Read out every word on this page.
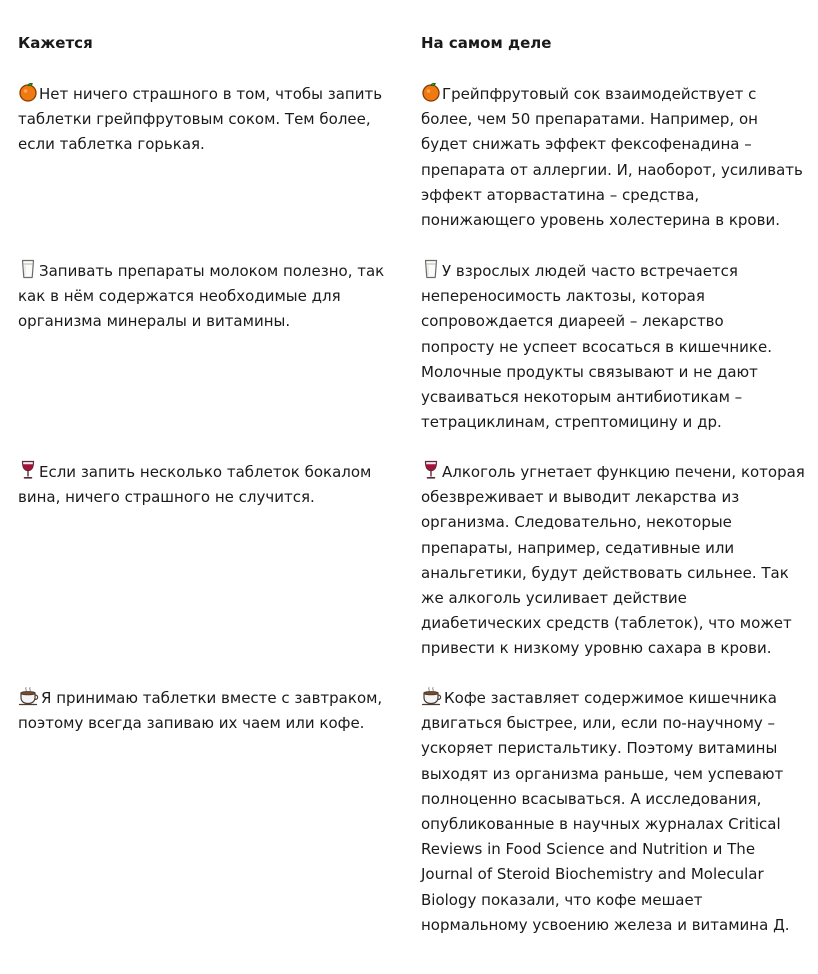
Кажется
Нет ничего страшного в том, чтобы запить
таблетки грейпфрутовым соком. Тем более,
если таблетка горькая.
Запивать препараты молоком полезно, так
как в нём содержатся необходимые для
организма минералы и витамины.
Если запить несколько таблеток бокалом
вина, ничего страшного не случится.
Я принимаю таблетки вместе с завтраком,
поэтому всегда запиваю их чаем или кофе.
На самом деле
Грейпфрутовый сок взаимодействует с
более, чем 50 препаратами. Например, он
будет снижать эффект фексофенадина –
препарата от аллергии. И, наоборот, усиливать
эффект аторвастатина – средства,
понижающего уровень холестерина в крови.
У взрослых людей часто встречается
непереносимость лактозы, которая
сопровождается диареей – лекарство
попросту не успеет всосаться в кишечнике.
Молочные продукты связывают и не дают
усваиваться некоторым антибиотикам –
тетрациклинам, стрептомицину и др.
Алкоголь угнетает функцию печени, которая
обезвреживает и выводит лекарства из
организма. Следовательно, некоторые
препараты, например, седативные или
анальгетики, будут действовать сильнее. Так
же алкоголь усиливает действие
диабетических средств (таблеток), что может
привести к низкому уровню сахара в крови.
Кофе заставляет содержимое кишечника
двигаться быстрее, или, если по-научному –
ускоряет перистальтику. Поэтому витамины
выходят из организма раньше, чем успевают
полноценно всасываться. А исследования,
опубликованные в научных журналах Critical
Reviews in Food Science and Nutrition и The
Journal of Steroid Biochemistry and Molecular
Biology показали, что кофе мешает
нормальному усвоению железа и витамина Д.
